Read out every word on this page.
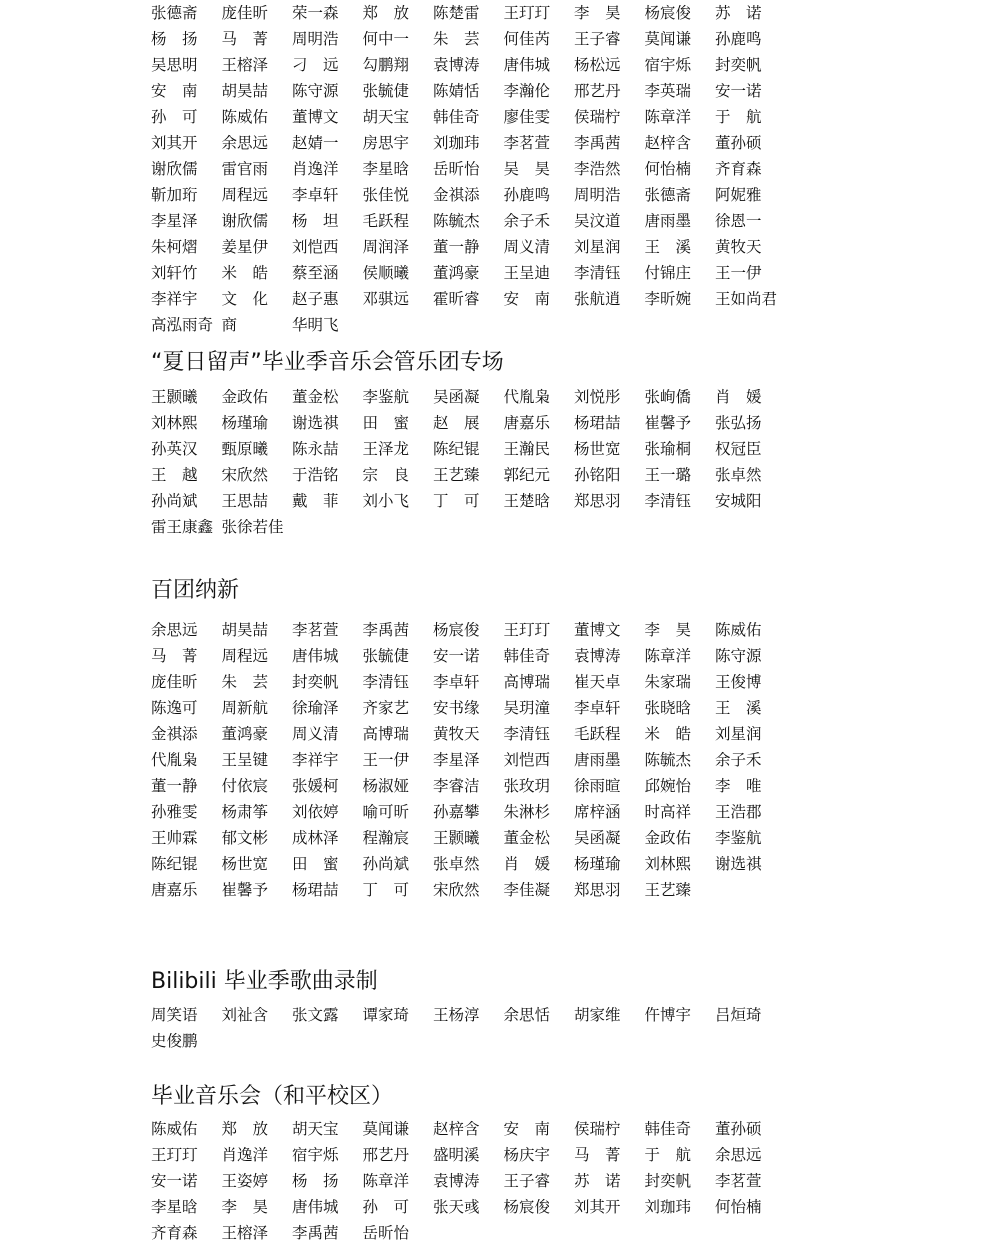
张德斋	庞佳昕	荣一森	郑　放	陈楚雷	王玎玎	李　昊	杨宸俊	苏　诺
杨　扬	马　菁	周明浩	何中一	朱　芸	何佳芮	王子睿	莫闻谦	孙鹿鸣
吴思明	王榕泽	刁　远	勾鹏翔	袁博涛	唐伟城	杨松远	宿宇烁	封奕帆
安　南	胡昊喆	陈守源	张毓倢	陈婧恬	李瀚伦	邢艺丹	李英瑞	安一诺
孙　可	陈威佑	董博文	胡天宝	韩佳奇	廖佳雯	侯瑞柠	陈章洋	于　航
刘其开	余思远	赵婧一	房思宇	刘珈玮	李茗萱	李禹茜	赵梓含	董孙硕
谢欣儒	雷官雨	肖逸洋	李星晗	岳昕怡	吴　昊	李浩然	何怡楠	齐育森
靳加珩	周程远	李卓轩	张佳悦	金祺添	孙鹿鸣	周明浩	张德斋	阿妮雅
李星泽	谢欣儒	杨　坦	毛跃程	陈毓杰	余子禾	吴汶道	唐雨墨	徐恩一
朱柯熠	姜星伊	刘恺西	周润泽	董一静	周义清	刘星润	王　溪	黄牧天
刘轩竹	米　皓	蔡至涵	侯顺曦	董鸿豪	王呈迪	李清钰	付锦庄	王一伊
李祥宇	文　化	赵子惠	邓骐远	霍昕睿	安　南	张航逍	李昕婉	王如尚君
高泓雨奇 商	华明飞
“夏日留声”毕业季音乐会管乐团专场
王颢曦	金政佑	董金松	李鉴航	吴函凝	代胤枭	刘悦彤	张峋僑	肖　媛
刘林熙	杨瑾瑜	谢选祺	田　蜜	赵　展	唐嘉乐	杨珺喆	崔馨予	张弘扬
孙英汉	甄原曦	陈永喆	王泽龙	陈纪锟	王瀚民	杨世宽	张瑜桐	权冠臣
王　越	宋欣然	于浩铭	宗　良	王艺臻	郭纪元	孙铭阳	王一璐	张卓然
孙尚斌	王思喆	戴　菲	刘小飞	丁　可	王楚晗	郑思羽	李清钰	安城阳
雷王康鑫 张徐若佳
百团纳新
余思远	胡昊喆	李茗萱	李禹茜	杨宸俊	王玎玎	董博文	李　昊	陈威佑
马　菁	周程远	唐伟城	张毓倢	安一诺	韩佳奇	袁博涛	陈章洋	陈守源
庞佳昕	朱　芸	封奕帆	李清钰	李卓轩	高博瑞	崔天卓	朱家瑞	王俊博
陈逸可	周新航	徐瑜泽	齐家艺	安书缘	吴玥潼	李卓轩	张晓晗	王　溪
金祺添	董鸿豪	周义清	高博瑞	黄牧天	李清钰	毛跃程	米　皓	刘星润
代胤枭	王呈键	李祥宇	王一伊	李星泽	刘恺西	唐雨墨	陈毓杰	余子禾
董一静	付依宸	张媛柯	杨淑娅	李睿洁	张玫玥	徐雨暄	邱婉怡	李　唯
孙雅雯	杨肃筝	刘依婷	喻可昕	孙嘉攀	朱淋杉	席梓涵	时高祥	王浩郡
王帅霖	郁文彬	成林泽	程瀚宸	王颢曦	董金松	吴函凝	金政佑	李鉴航
陈纪锟	杨世宽	田　蜜	孙尚斌	张卓然	肖　媛	杨瑾瑜	刘林熙	谢选祺
唐嘉乐	崔馨予	杨珺喆	丁　可	宋欣然	李佳凝	郑思羽	王艺臻
Bilibili 毕业季歌曲录制
周笑语	刘祉含	张文露	谭家琦	王杨淳	余思恬	胡家维	仵博宇	吕烜琦
史俊鹏
毕业音乐会（和平校区）
陈威佑	郑　放	胡天宝	莫闻谦	赵梓含	安　南	侯瑞柠	韩佳奇	董孙硕
王玎玎	肖逸洋	宿宇烁	邢艺丹	盛明溪	杨庆宇	马　菁	于　航	余思远
安一诺	王姿婷	杨　扬	陈章洋	袁博涛	王子睿	苏　诺	封奕帆	李茗萱
李星晗	李　昊	唐伟城	孙　可	张天彧	杨宸俊	刘其开	刘珈玮	何怡楠
齐育森	王榕泽	李禹茜	岳昕怡
